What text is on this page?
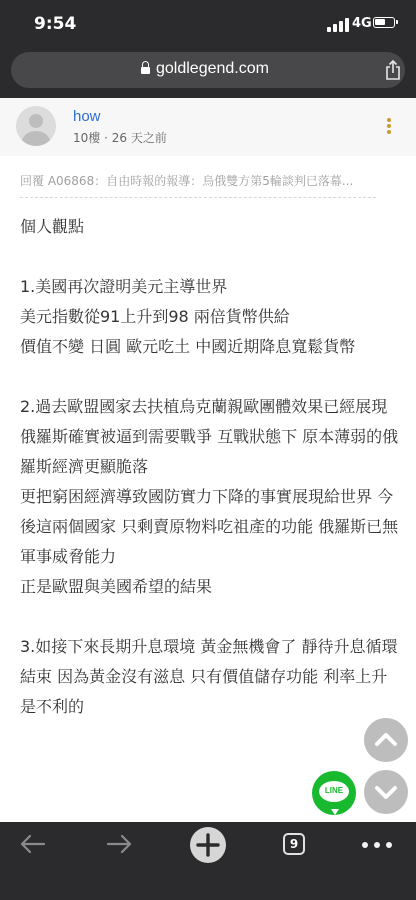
9:54	4G
goldlegend.com
how
10樓 · 26 天之前
回覆 A06868：自由時報的報導：烏俄雙方第5輪談判已落幕...

個人觀點

1.美國再次證明美元主導世界

美元指數從91上升到98 兩倍貨幣供給

價值不變 日圓 歐元吃土 中國近期降息寬鬆貨幣

2.過去歐盟國家去扶植烏克蘭親歐團體效果已經展現 俄羅斯確實被逼到需要戰爭 互戰狀態下 原本薄弱的俄羅斯經濟更顯脆落

更把窮困經濟導致國防實力下降的事實展現給世界 今後這兩個國家 只剩賣原物料吃祖產的功能 俄羅斯已無軍事威脅能力

正是歐盟與美國希望的結果

3.如接下來長期升息環境 黃金無機會了 靜待升息循環結束 因為黃金沒有滋息 只有價值儲存功能 利率上升 是不利的

LINE
9
